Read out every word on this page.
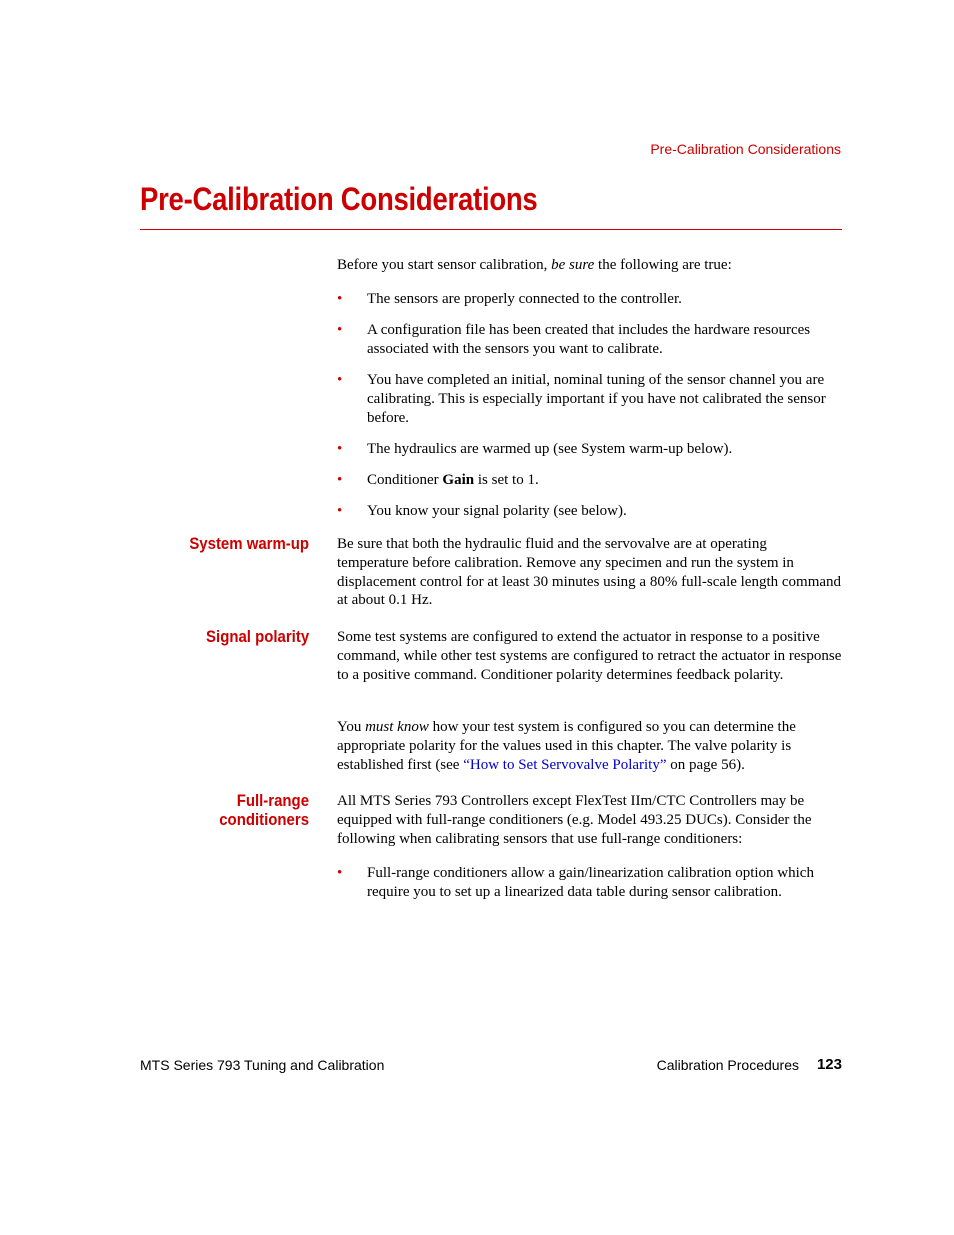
Pre-Calibration Considerations
Pre-Calibration Considerations

Before you start sensor calibration, be sure the following are true:

• The sensors are properly connected to the controller.
• A configuration file has been created that includes the hardware resources associated with the sensors you want to calibrate.
• You have completed an initial, nominal tuning of the sensor channel you are calibrating. This is especially important if you have not calibrated the sensor before.
• The hydraulics are warmed up (see System warm-up below).
• Conditioner Gain is set to 1.
• You know your signal polarity (see below).
System warm-up Be sure that both the hydraulic fluid and the servovalve are at operating temperature before calibration. Remove any specimen and run the system in displacement control for at least 30 minutes using a 80% full-scale length command at about 0.1 Hz.

Signal polarity Some test systems are configured to extend the actuator in response to a positive command, while other test systems are configured to retract the actuator in response to a positive command. Conditioner polarity determines feedback polarity.

You must know how your test system is configured so you can determine the appropriate polarity for the values used in this chapter. The valve polarity is established first (see “How to Set Servovalve Polarity” on page 56).

Full-range
conditioners

All MTS Series 793 Controllers except FlexTest IIm/CTC Controllers may be equipped with full-range conditioners (e.g. Model 493.25 DUCs). Consider the following when calibrating sensors that use full-range conditioners:

• Full-range conditioners allow a gain/linearization calibration option which require you to set up a linearized data table during sensor calibration.
MTS Series 793 Tuning and Calibration	Calibration Procedures 123
